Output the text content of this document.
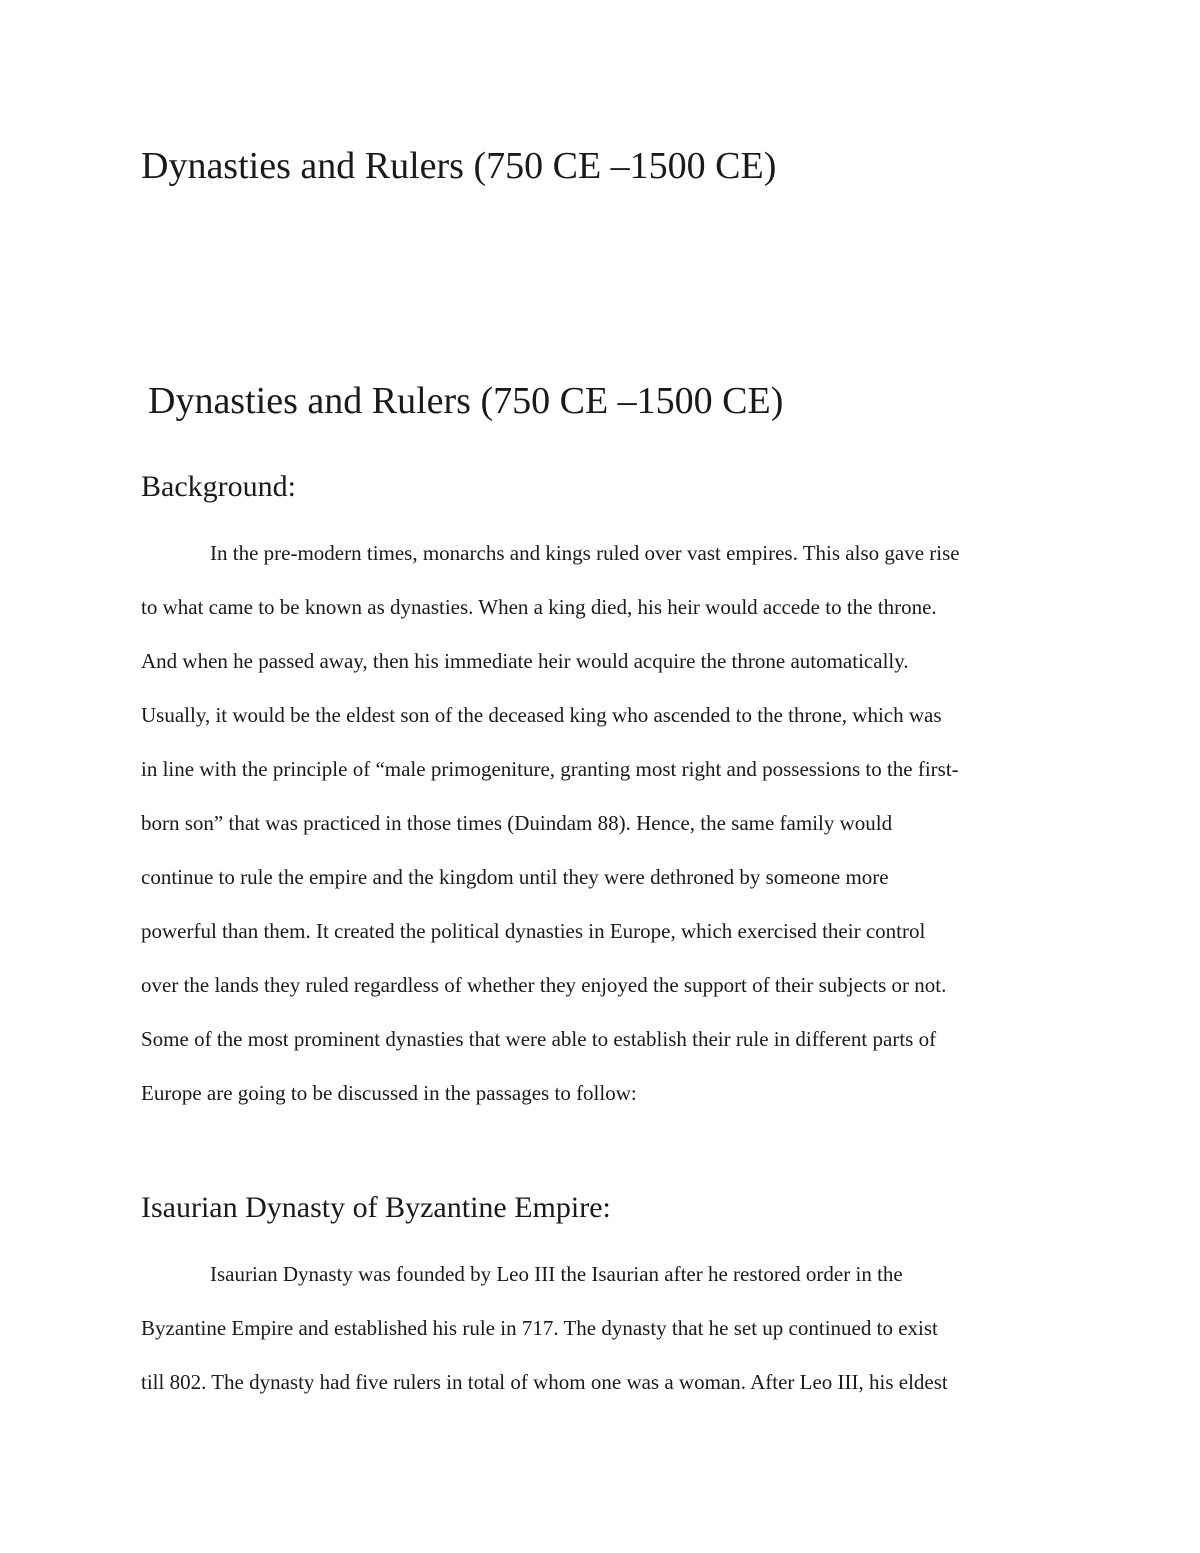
Dynasties and Rulers (750 CE –1500 CE)
Dynasties and Rulers (750 CE –1500 CE)
Background:

In the pre-modern times, monarchs and kings ruled over vast empires. This also gave rise

to what came to be known as dynasties. When a king died, his heir would accede to the throne.

And when he passed away, then his immediate heir would acquire the throne automatically.

Usually, it would be the eldest son of the deceased king who ascended to the throne, which was

in line with the principle of “male primogeniture, granting most right and possessions to the first-

born son” that was practiced in those times (Duindam 88). Hence, the same family would

continue to rule the empire and the kingdom until they were dethroned by someone more

powerful than them. It created the political dynasties in Europe, which exercised their control

over the lands they ruled regardless of whether they enjoyed the support of their subjects or not.

Some of the most prominent dynasties that were able to establish their rule in different parts of

Europe are going to be discussed in the passages to follow:

Isaurian Dynasty of Byzantine Empire:

Isaurian Dynasty was founded by Leo III the Isaurian after he restored order in the

Byzantine Empire and established his rule in 717. The dynasty that he set up continued to exist

till 802. The dynasty had five rulers in total of whom one was a woman. After Leo III, his eldest
